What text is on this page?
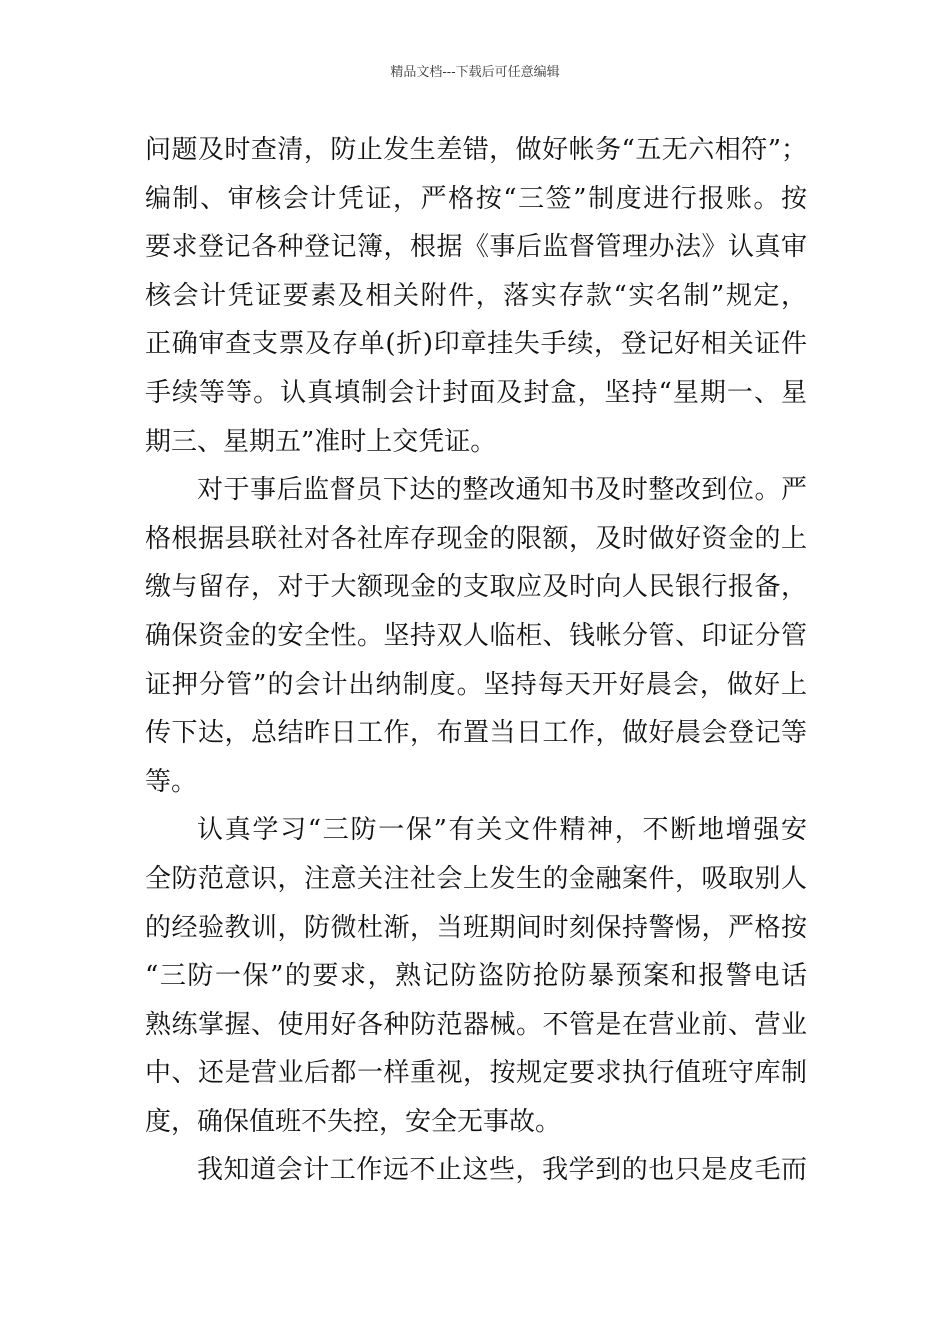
精品文档---下载后可任意编辑
问题及时查清，防止发生差错，做好帐务“五无六相符”；
编制、审核会计凭证，严格按“三签”制度进行报账。按
要求登记各种登记簿，根据《事后监督管理办法》认真审
核会计凭证要素及相关附件，落实存款“实名制”规定，
正确审查支票及存单(折)印章挂失手续，登记好相关证件
手续等等。认真填制会计封面及封盒，坚持“星期一、星
期三、星期五”准时上交凭证。
对于事后监督员下达的整改通知书及时整改到位。严
格根据县联社对各社库存现金的限额，及时做好资金的上
缴与留存，对于大额现金的支取应及时向人民银行报备，
确保资金的安全性。坚持双人临柜、钱帐分管、印证分管
证押分管”的会计出纳制度。坚持每天开好晨会，做好上
传下达，总结昨日工作，布置当日工作，做好晨会登记等
等。
认真学习“三防一保”有关文件精神，不断地增强安
全防范意识，注意关注社会上发生的金融案件，吸取别人
的经验教训，防微杜渐，当班期间时刻保持警惕，严格按
“三防一保”的要求，熟记防盗防抢防暴预案和报警电话
熟练掌握、使用好各种防范器械。不管是在营业前、营业
中、还是营业后都一样重视，按规定要求执行值班守库制
度，确保值班不失控，安全无事故。
我知道会计工作远不止这些，我学到的也只是皮毛而
